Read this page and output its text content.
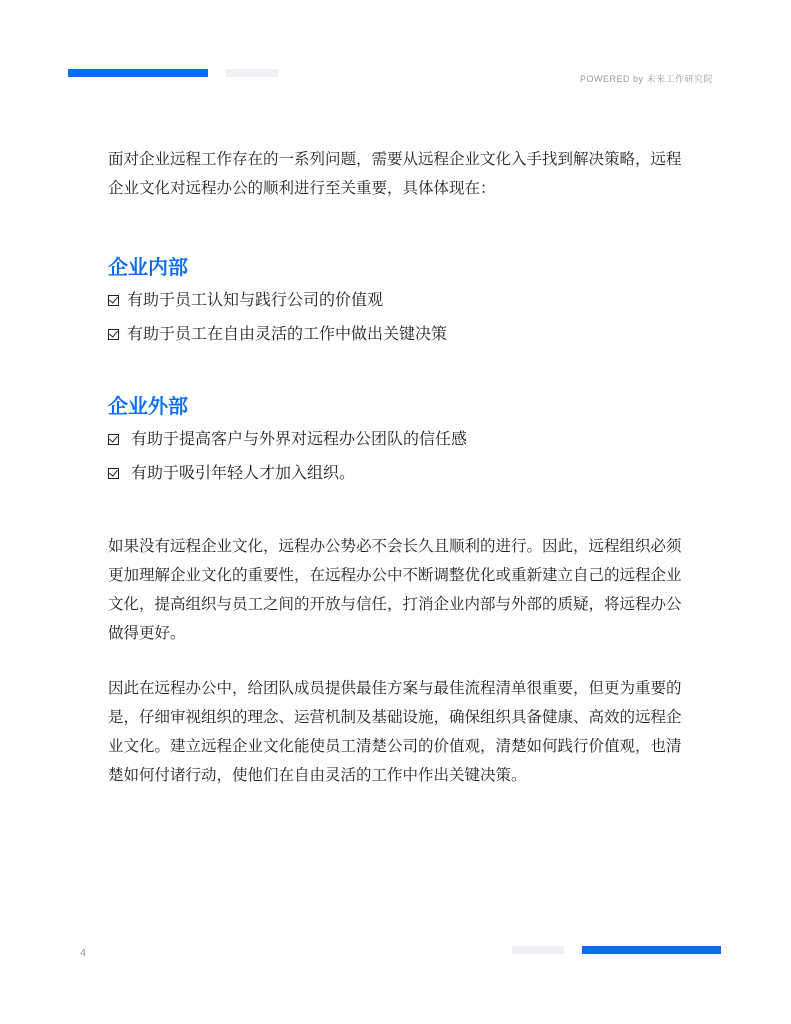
POWERED by 未来工作研究院

面对企业远程工作存在的一系列问题，需要从远程企业文化入手找到解决策略，远程企业文化对远程办公的顺利进行至关重要，具体体现在：

企业内部
有助于员工认知与践行公司的价值观
有助于员工在自由灵活的工作中做出关键决策
企业外部
有助于提高客户与外界对远程办公团队的信任感
有助于吸引年轻人才加入组织。

如果没有远程企业文化，远程办公势必不会长久且顺利的进行。因此，远程组织必须更加理解企业文化的重要性，在远程办公中不断调整优化或重新建立自己的远程企业文化，提高组织与员工之间的开放与信任，打消企业内部与外部的质疑，将远程办公做得更好。

因此在远程办公中，给团队成员提供最佳方案与最佳流程清单很重要，但更为重要的是，仔细审视组织的理念、运营机制及基础设施，确保组织具备健康、高效的远程企业文化。建立远程企业文化能使员工清楚公司的价值观，清楚如何践行价值观，也清楚如何付诸行动，使他们在自由灵活的工作中作出关键决策。

4
